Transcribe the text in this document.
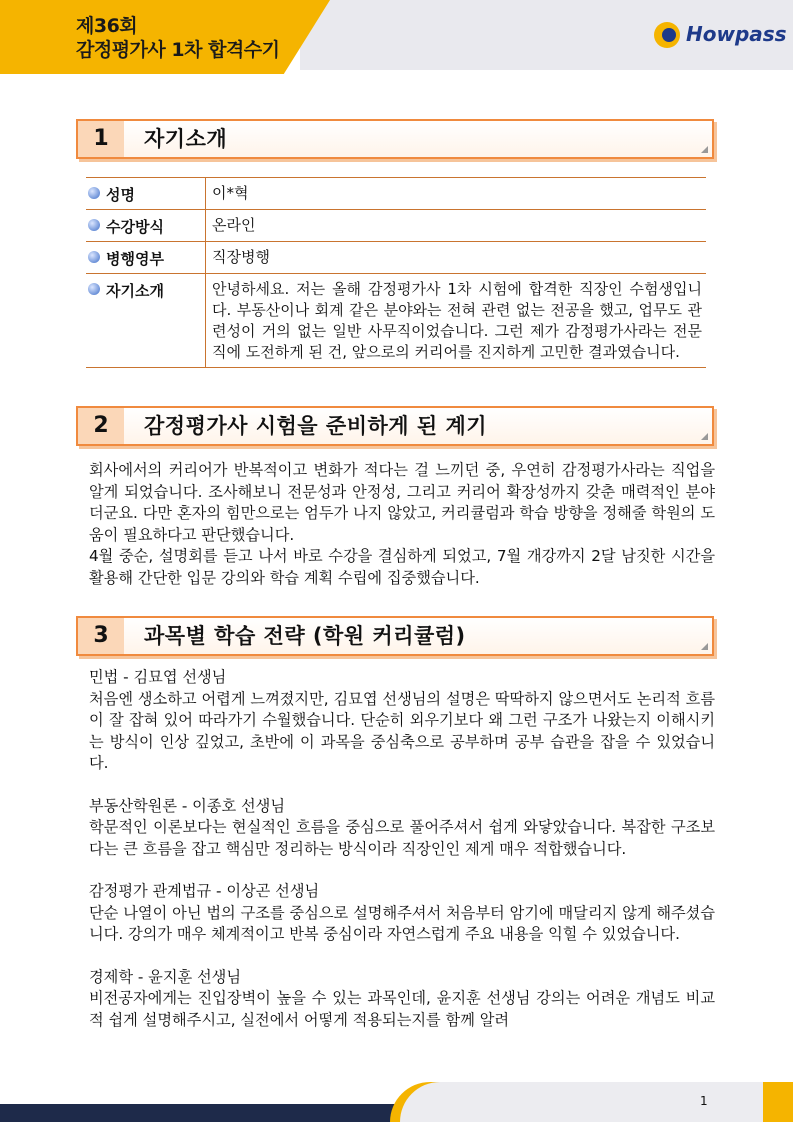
제36회
감정평가사 1차 합격수기
Howpass
1	자기소개
성명	이*혁
수강방식	온라인
병행영부	직장병행
자기소개	안녕하세요. 저는 올해 감정평가사 1차 시험에 합격한 직장인 수험생입니다. 부동산이나 회계 같은 분야와는 전혀 관련 없는 전공을 했고, 업무도 관련성이 거의 없는 일반 사무직이었습니다. 그런 제가 감정평가사라는 전문직에 도전하게 된 건, 앞으로의 커리어를 진지하게 고민한 결과였습니다.
2	감정평가사 시험을 준비하게 된 계기

회사에서의 커리어가 반복적이고 변화가 적다는 걸 느끼던 중, 우연히 감정평가사라는 직업을 알게 되었습니다. 조사해보니 전문성과 안정성, 그리고 커리어 확장성까지 갖춘 매력적인 분야더군요. 다만 혼자의 힘만으로는 엄두가 나지 않았고, 커리큘럼과 학습 방향을 정해줄 학원의 도움이 필요하다고 판단했습니다.

4월 중순, 설명회를 듣고 나서 바로 수강을 결심하게 되었고, 7월 개강까지 2달 남짓한 시간을 활용해 간단한 입문 강의와 학습 계획 수립에 집중했습니다.

3	과목별 학습 전략 (학원 커리큘럼)

민법 - 김묘엽 선생님

처음엔 생소하고 어렵게 느껴졌지만, 김묘엽 선생님의 설명은 딱딱하지 않으면서도 논리적 흐름이 잘 잡혀 있어 따라가기 수월했습니다. 단순히 외우기보다 왜 그런 구조가 나왔는지 이해시키는 방식이 인상 깊었고, 초반에 이 과목을 중심축으로 공부하며 공부 습관을 잡을 수 있었습니다.

부동산학원론 - 이종호 선생님

학문적인 이론보다는 현실적인 흐름을 중심으로 풀어주셔서 쉽게 와닿았습니다. 복잡한 구조보다는 큰 흐름을 잡고 핵심만 정리하는 방식이라 직장인인 제게 매우 적합했습니다.

감정평가 관계법규 - 이상곤 선생님

단순 나열이 아닌 법의 구조를 중심으로 설명해주셔서 처음부터 암기에 매달리지 않게 해주셨습니다. 강의가 매우 체계적이고 반복 중심이라 자연스럽게 주요 내용을 익힐 수 있었습니다.

경제학 - 윤지훈 선생님

비전공자에게는 진입장벽이 높을 수 있는 과목인데, 윤지훈 선생님 강의는 어려운 개념도 비교적 쉽게 설명해주시고, 실전에서 어떻게 적용되는지를 함께 알려

1
